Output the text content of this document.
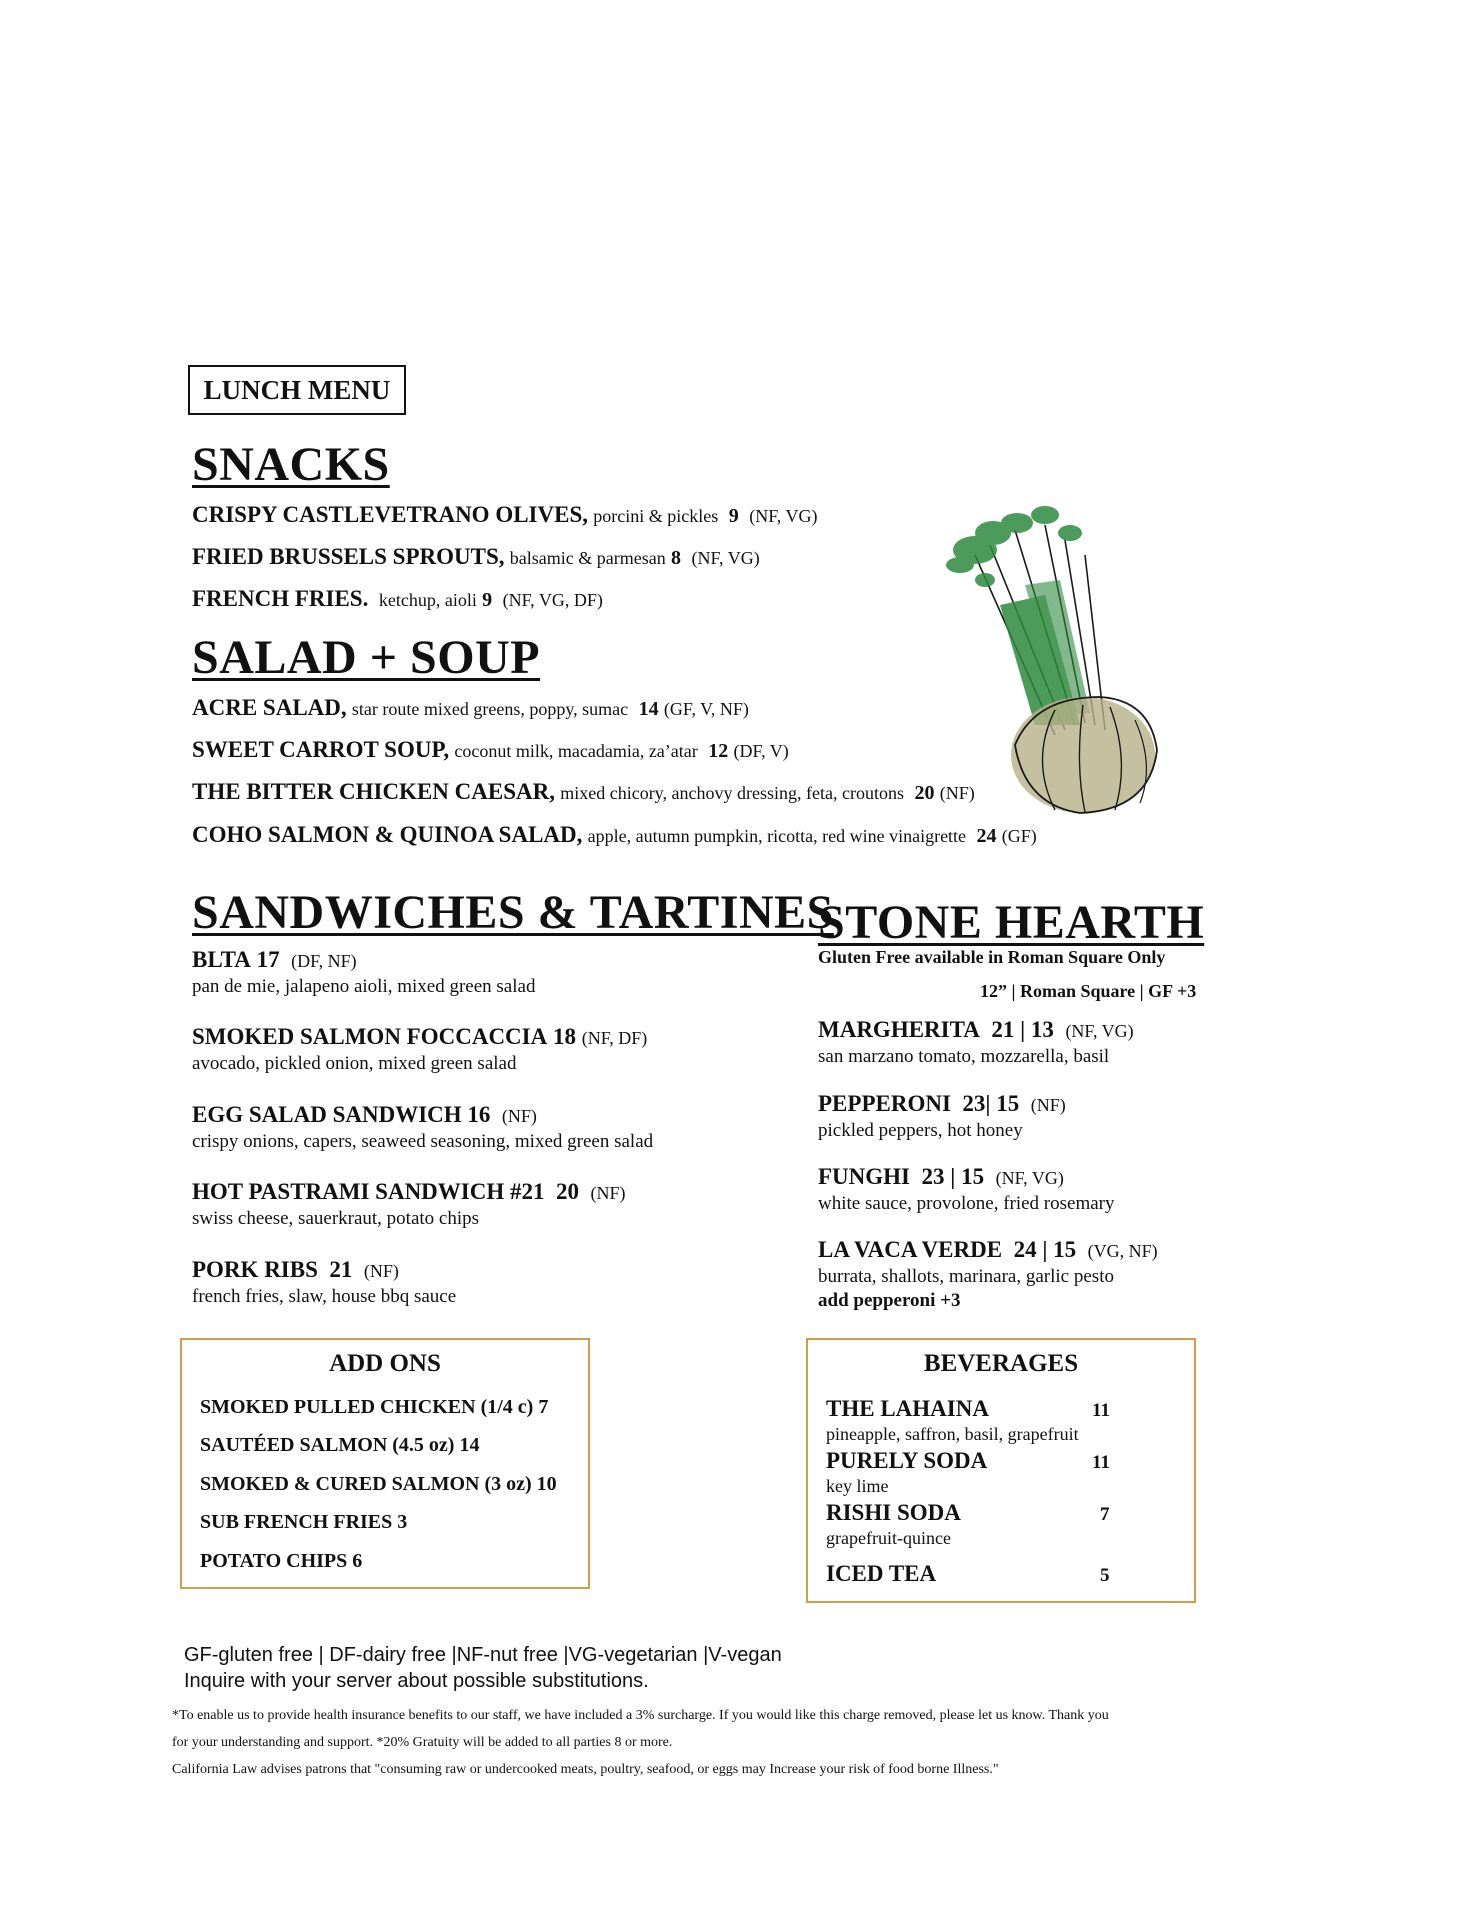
LUNCH MENU
SNACKS
CRISPY CASTLEVETRANO OLIVES, porcini & pickles 9 (NF, VG)
FRIED BRUSSELS SPROUTS, balsamic & parmesan 8 (NF, VG)
FRENCH FRIES. ketchup, aioli 9 (NF, VG, DF)
SALAD + SOUP
ACRE SALAD, star route mixed greens, poppy, sumac 14 (GF, V, NF)
SWEET CARROT SOUP, coconut milk, macadamia, za’atar 12 (DF, V)
THE BITTER CHICKEN CAESAR, mixed chicory, anchovy dressing, feta, croutons 20 (NF)
COHO SALMON & QUINOA SALAD, apple, autumn pumpkin, ricotta, red wine vinaigrette 24 (GF)
SANDWICHES & TARTINES
BLTA 17 (DF, NF)
pan de mie, jalapeno aioli, mixed green salad
SMOKED SALMON FOCCACCIA 18 (NF, DF)
avocado, pickled onion, mixed green salad
EGG SALAD SANDWICH 16 (NF)
crispy onions, capers, seaweed seasoning, mixed green salad
HOT PASTRAMI SANDWICH #21 20 (NF)
swiss cheese, sauerkraut, potato chips
PORK RIBS 21 (NF)
french fries, slaw, house bbq sauce
STONE HEARTH
Gluten Free available in Roman Square Only
12” | Roman Square | GF +3
MARGHERITA 21 | 13 (NF, VG)
san marzano tomato, mozzarella, basil
PEPPERONI 23| 15 (NF)
pickled peppers, hot honey
FUNGHI 23 | 15 (NF, VG)
white sauce, provolone, fried rosemary
LA VACA VERDE 24 | 15 (VG, NF)
burrata, shallots, marinara, garlic pesto
add pepperoni +3
ADD ONS
SMOKED PULLED CHICKEN (1/4 c) 7
SAUTÉED SALMON (4.5 oz) 14
SMOKED & CURED SALMON (3 oz) 10
SUB FRENCH FRIES 3
POTATO CHIPS 6
BEVERAGES
THE LAHAINA	11
pineapple, saffron, basil, grapefruit
PURELY SODA	11
key lime
RISHI SODA	7
grapefruit-quince
ICED TEA	5
GF-gluten free | DF-dairy free |NF-nut free |VG-vegetarian |V-vegan
Inquire with your server about possible substitutions.
*To enable us to provide health insurance benefits to our staff, we have included a 3% surcharge. If you would like this charge removed, please let us know. Thank you
for your understanding and support. *20% Gratuity will be added to all parties 8 or more.
California Law advises patrons that "consuming raw or undercooked meats, poultry, seafood, or eggs may Increase your risk of food borne Illness."
